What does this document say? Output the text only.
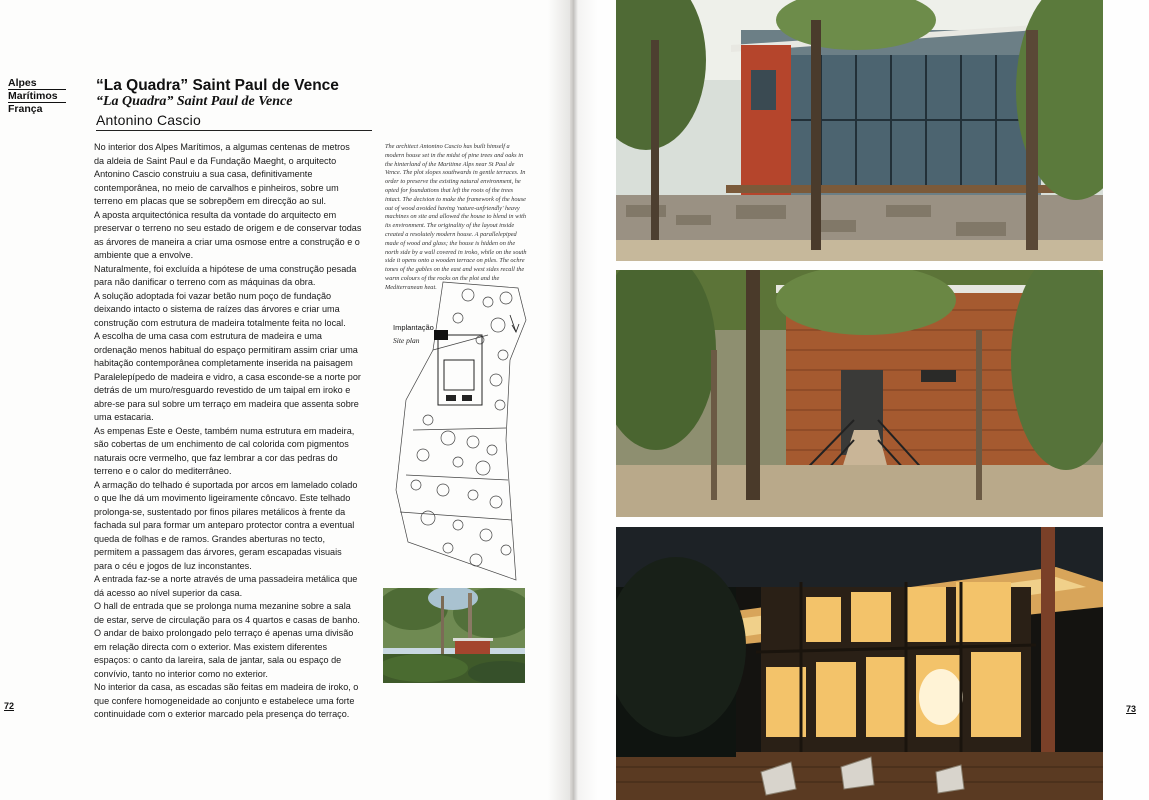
Alpes
Marítimos
França
“La Quadra” Saint Paul de Vence
“La Quadra” Saint Paul de Vence
Antonino Cascio

No interior dos Alpes Marítimos, a algumas centenas de metros da aldeia de Saint Paul e da Fundação Maeght, o arquitecto Antonino Cascio construiu a sua casa, definitivamente contemporânea, no meio de carvalhos e pinheiros, sobre um terreno em placas que se sobrepõem em direcção ao sul.

A aposta arquitectónica resulta da vontade do arquitecto em preservar o terreno no seu estado de origem e de conservar todas as árvores de maneira a criar uma osmose entre a construção e o ambiente que a envolve.

Naturalmente, foi excluída a hipótese de uma construção pesada para não danificar o terreno com as máquinas da obra.

A solução adoptada foi vazar betão num poço de fundação deixando intacto o sistema de raízes das árvores e criar uma construção com estrutura de madeira totalmente feita no local.

A escolha de uma casa com estrutura de madeira e uma ordenação menos habitual do espaço permitiram assim criar uma habitação contemporânea completamente inserida na paisagem

Paralelepípedo de madeira e vidro, a casa esconde-se a norte por detrás de um muro/resguardo revestido de um taipal em iroko e abre-se para sul sobre um terraço em madeira que assenta sobre uma estacaria.

As empenas Este e Oeste, também numa estrutura em madeira, são cobertas de um enchimento de cal colorida com pigmentos naturais ocre vermelho, que faz lembrar a cor das pedras do terreno e o calor do mediterrâneo.

A armação do telhado é suportada por arcos em lamelado colado o que lhe dá um movimento ligeiramente côncavo. Este telhado prolonga-se, sustentado por finos pilares metálicos à frente da fachada sul para formar um anteparo protector contra a eventual queda de folhas e de ramos. Grandes aberturas no tecto, permitem a passagem das árvores, geram escapadas visuais para o céu e jogos de luz inconstantes.

A entrada faz-se a norte através de uma passadeira metálica que dá acesso ao nível superior da casa.

O hall de entrada que se prolonga numa mezanine sobre a sala de estar, serve de circulação para os 4 quartos e casas de banho.

O andar de baixo prolongado pelo terraço é apenas uma divisão em relação directa com o exterior. Mas existem diferentes espaços: o canto da lareira, sala de jantar, sala ou espaço de convívio, tanto no interior como no exterior.

No interior da casa, as escadas são feitas em madeira de iroko, o que confere homogeneidade ao conjunto e estabelece uma forte continuidade com o exterior marcado pela presença do terraço.

The architect Antonino Cascio has built himself a modern house set in the midst of pine trees and oaks in the hinterland of the Maritime Alps near St Paul de Vence. The plot slopes southwards in gentle terraces. In order to preserve the existing natural environment, he opted for foundations that left the roots of the trees intact. The decision to make the framework of the house out of wood avoided having 'nature-unfriendly' heavy machines on site and allowed the house to blend in with its environment. The originality of the layout inside created a resolutely modern house. A parallelepiped made of wood and glass; the house is hidden on the north side by a wall covered in iroko, while on the south side it opens onto a wooden terrace on piles. The ochre tones of the gables on the east and west sides recall the warm colours of the rocks on the plot and the Mediterranean heat.
Implantação
Site plan
72	73
